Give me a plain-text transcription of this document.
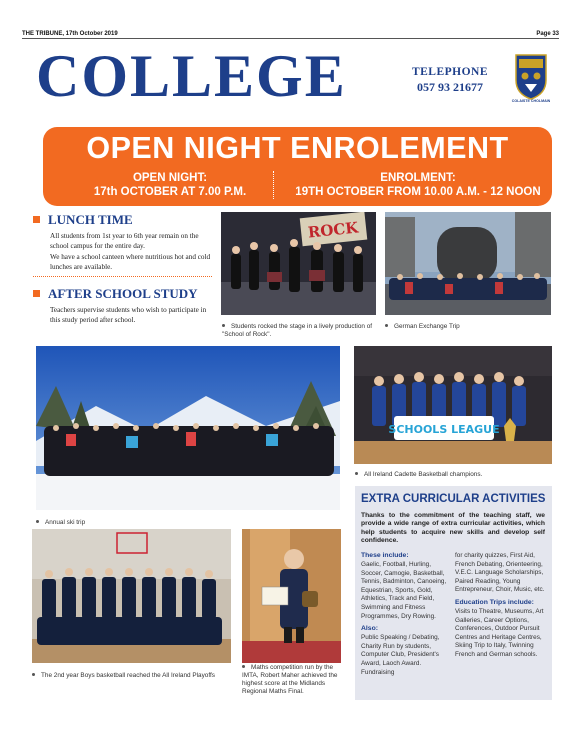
THE TRIBUNE, 17th October 2019	Page 33
COLLEGE	TELEPHONE
057 93 21677
COLAISTE CHOLMAIN
OPEN NIGHT ENROLEMENT
OPEN NIGHT:
17th OCTOBER AT 7.00 P.M.
ENROLMENT:
19TH OCTOBER FROM 10.00 A.M. - 12 NOON
LUNCH TIME
All students from 1st year to 6th year remain on the school campus for the entire day.
We have a school canteen where nutritious hot and cold lunches are available.
AFTER SCHOOL STUDY
Teachers supervise students who wish to participate in this study period after school.
ROCK
Students rocked the stage in a lively production of "School of Rock".
German Exchange Trip
Annual ski trip
SCHOOLS LEAGUE
All Ireland Cadette Basketball champions.
The 2nd year Boys basketball reached the All Ireland Playoffs
Maths competition run by the IMTA, Robert Maher achieved the highest score at the Midlands Regional Maths Final.
EXTRA CURRICULAR ACTIVITIES
Thanks to the commitment of the teaching staff, we provide a wide range of extra curricular activities, which help students to acquire new skills and develop self confidence.
These include:
Gaelic, Football, Hurling, Soccer, Camogie, Basketball, Tennis, Badminton, Canoeing, Equestrian, Sports, Gold, Athletics, Track and Field, Swimming and Fitness Programmes, Dry Rowing.
Also:
Public Speaking / Debating, Charity Run by students, Computer Club, President's Award, Laoch Award. Fundraising
for charity quizzes, First Aid, French Debating, Orienteering, V.E.C. Language Scholarships, Paired Reading, Young Entrepreneur, Choir, Music, etc.
Education Trips include:
Visits to Theatre, Museums, Art Galleries, Career Options, Conferences, Outdoor Pursuit Centres and Heritage Centres, Skiing Trip to Italy, Twinning French and German schools.
